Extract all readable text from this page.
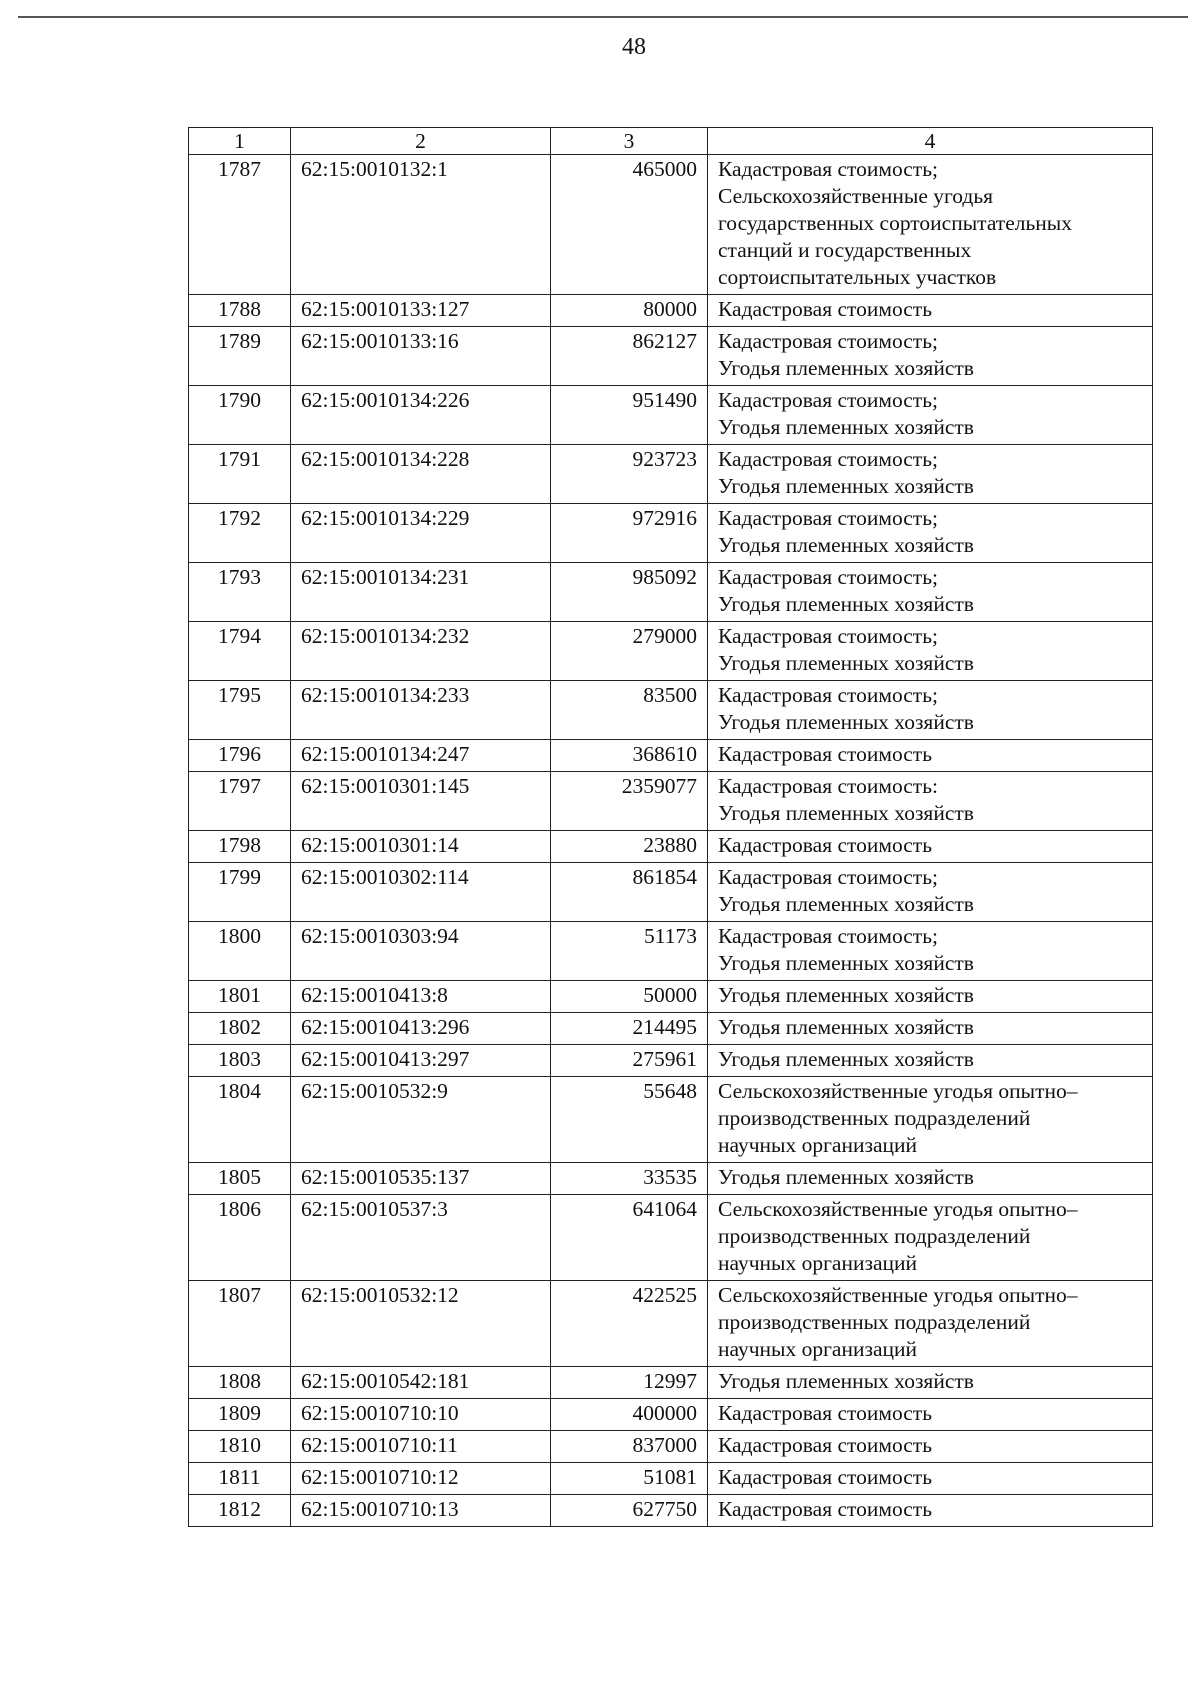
48
1	2	3	4
1787	62:15:0010132:1	465000	Кадастровая стоимость;
Сельскохозяйственные угодья
государственных сортоиспытательных
станций и государственных
сортоиспытательных участков

1788	62:15:0010133:127	80000	Кадастровая стоимость

1789	62:15:0010133:16	862127	Кадастровая стоимость;
Угодья племенных хозяйств

1790	62:15:0010134:226	951490	Кадастровая стоимость;
Угодья племенных хозяйств

1791	62:15:0010134:228	923723	Кадастровая стоимость;
Угодья племенных хозяйств

1792	62:15:0010134:229	972916	Кадастровая стоимость;
Угодья племенных хозяйств

1793	62:15:0010134:231	985092	Кадастровая стоимость;
Угодья племенных хозяйств

1794	62:15:0010134:232	279000	Кадастровая стоимость;
Угодья племенных хозяйств

1795	62:15:0010134:233	83500	Кадастровая стоимость;
Угодья племенных хозяйств

1796	62:15:0010134:247	368610	Кадастровая стоимость

1797	62:15:0010301:145	2359077	Кадастровая стоимость:
Угодья племенных хозяйств

1798	62:15:0010301:14	23880	Кадастровая стоимость

1799	62:15:0010302:114	861854	Кадастровая стоимость;
Угодья племенных хозяйств

1800	62:15:0010303:94	51173	Кадастровая стоимость;
Угодья племенных хозяйств

1801	62:15:0010413:8	50000	Угодья племенных хозяйств

1802	62:15:0010413:296	214495	Угодья племенных хозяйств

1803	62:15:0010413:297	275961	Угодья племенных хозяйств

1804	62:15:0010532:9	55648	Сельскохозяйственные угодья опытно–
производственных подразделений
научных организаций

1805	62:15:0010535:137	33535	Угодья племенных хозяйств

1806	62:15:0010537:3	641064	Сельскохозяйственные угодья опытно–
производственных подразделений
научных организаций

1807	62:15:0010532:12	422525	Сельскохозяйственные угодья опытно–
производственных подразделений
научных организаций

1808	62:15:0010542:181	12997	Угодья племенных хозяйств

1809	62:15:0010710:10	400000	Кадастровая стоимость

1810	62:15:0010710:11	837000	Кадастровая стоимость

1811	62:15:0010710:12	51081	Кадастровая стоимость

1812	62:15:0010710:13	627750	Кадастровая стоимость
